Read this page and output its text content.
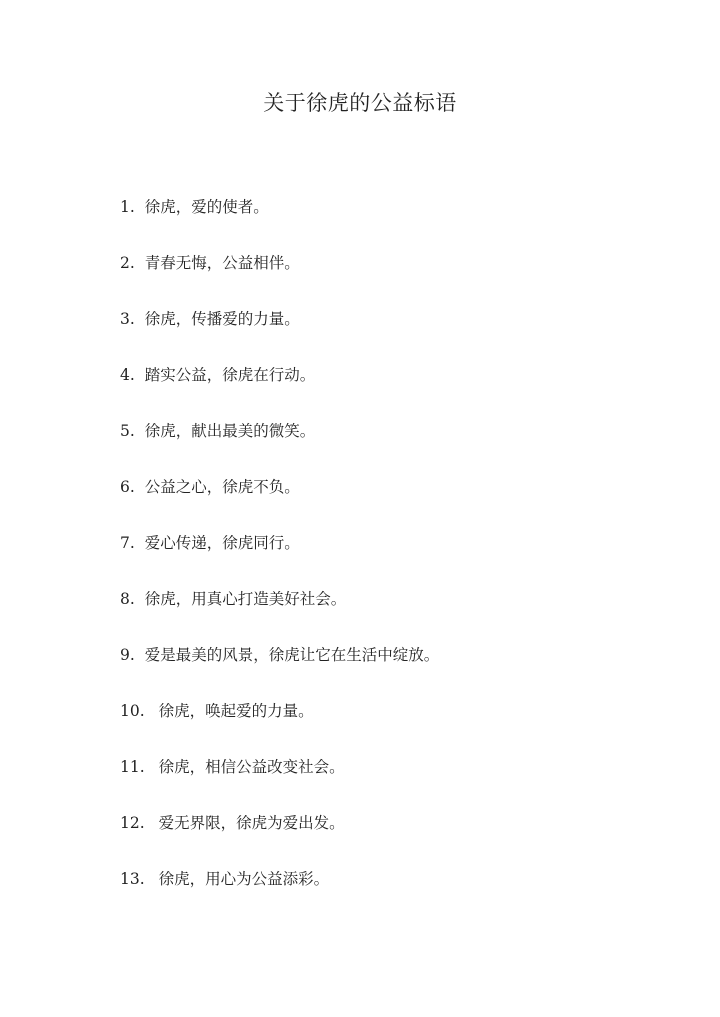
关于徐虎的公益标语
1. 徐虎，爱的使者。
2. 青春无悔，公益相伴。
3. 徐虎，传播爱的力量。
4. 踏实公益，徐虎在行动。
5. 徐虎，献出最美的微笑。
6. 公益之心，徐虎不负。
7. 爱心传递，徐虎同行。
8. 徐虎，用真心打造美好社会。
9. 爱是最美的风景，徐虎让它在生活中绽放。
10. 徐虎，唤起爱的力量。
11. 徐虎，相信公益改变社会。
12. 爱无界限，徐虎为爱出发。
13. 徐虎，用心为公益添彩。
